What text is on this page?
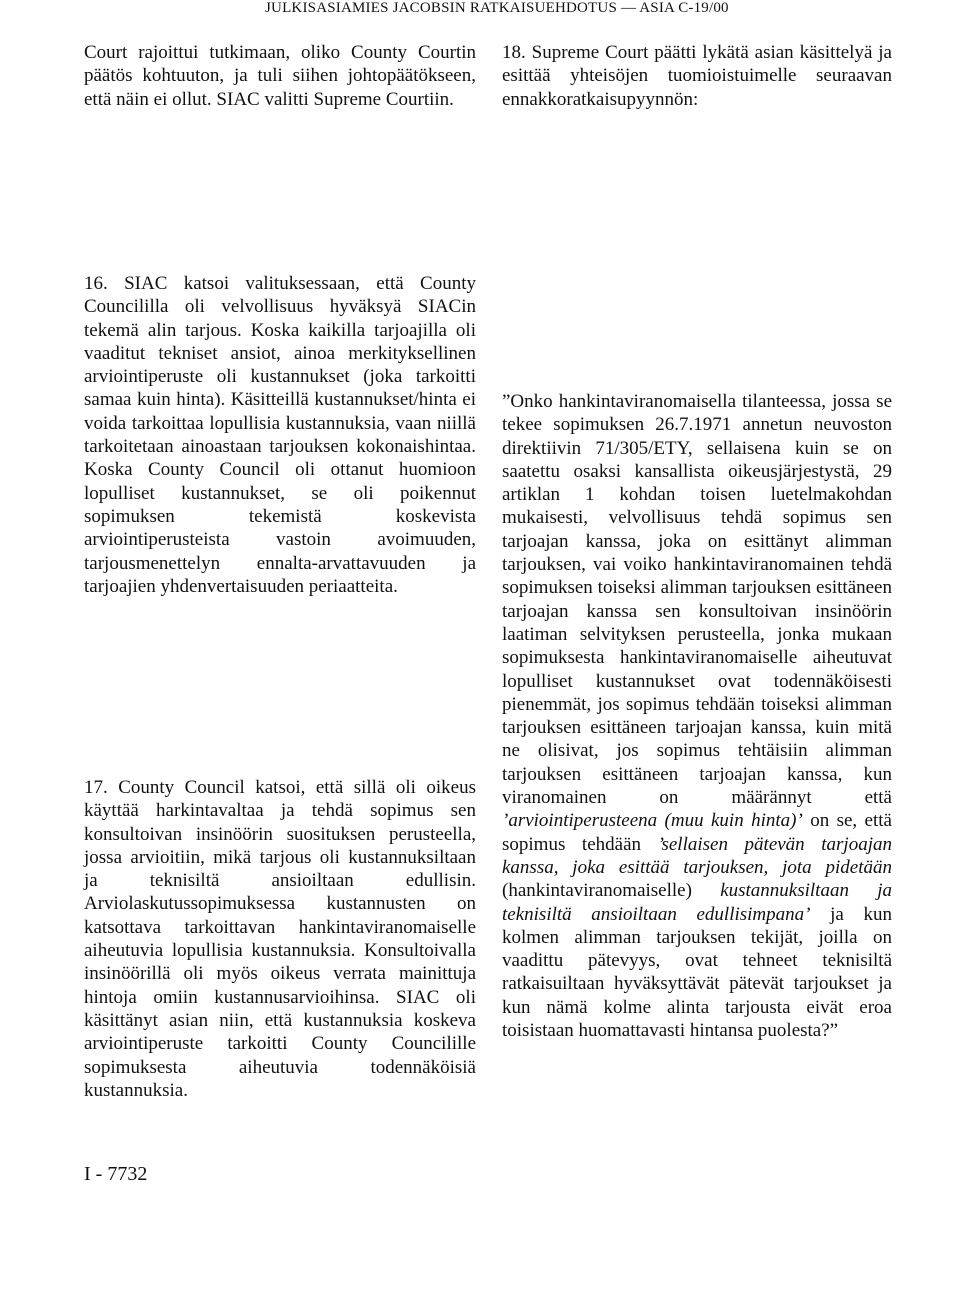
JULKISASIAMIES JACOBSIN RATKAISUEHDOTUS — ASIA C-19/00

Court rajoittui tutkimaan, oliko County Courtin päätös kohtuuton, ja tuli siihen johtopäätökseen, että näin ei ollut. SIAC valitti Supreme Courtiin.

16. SIAC katsoi valituksessaan, että County Councililla oli velvollisuus hyväksyä SIACin tekemä alin tarjous. Koska kaikilla tarjoajilla oli vaaditut tekniset ansiot, ainoa merkityksellinen arviointiperuste oli kustannukset (joka tarkoitti samaa kuin hinta). Käsitteillä kustannukset/hinta ei voida tarkoittaa lopullisia kustannuksia, vaan niillä tarkoitetaan ainoastaan tarjouksen kokonaishintaa. Koska County Council oli ottanut huomioon lopulliset kustannukset, se oli poikennut sopimuksen tekemistä koskevista arviointiperusteista vastoin avoimuuden, tarjousmenettelyn ennalta-arvattavuuden ja tarjoajien yhdenvertaisuuden periaatteita.

17. County Council katsoi, että sillä oli oikeus käyttää harkintavaltaa ja tehdä sopimus sen konsultoivan insinöörin suosituksen perusteella, jossa arvioitiin, mikä tarjous oli kustannuksiltaan ja teknisiltä ansioiltaan edullisin. Arviolaskutussopimuksessa kustannusten on katsottava tarkoittavan hankintaviranomaiselle aiheutuvia lopullisia kustannuksia. Konsultoivalla insinöörillä oli myös oikeus verrata mainittuja hintoja omiin kustannusarvioihinsa. SIAC oli käsittänyt asian niin, että kustannuksia koskeva arviointiperuste tarkoitti County Councilille sopimuksesta aiheutuvia todennäköisiä kustannuksia.

18. Supreme Court päätti lykätä asian käsittelyä ja esittää yhteisöjen tuomioistuimelle seuraavan ennakkoratkaisupyynnön:

”Onko hankintaviranomaisella tilanteessa, jossa se tekee sopimuksen 26.7.1971 annetun neuvoston direktiivin 71/305/ETY, sellaisena kuin se on saatettu osaksi kansallista oikeusjärjestystä, 29 artiklan 1 kohdan toisen luetelmakohdan mukaisesti, velvollisuus tehdä sopimus sen tarjoajan kanssa, joka on esittänyt alimman tarjouksen, vai voiko hankintaviranomainen tehdä sopimuksen toiseksi alimman tarjouksen esittäneen tarjoajan kanssa sen konsultoivan insinöörin laatiman selvityksen perusteella, jonka mukaan sopimuksesta hankintaviranomaiselle aiheutuvat lopulliset kustannukset ovat todennäköisesti pienemmät, jos sopimus tehdään toiseksi alimman tarjouksen esittäneen tarjoajan kanssa, kuin mitä ne olisivat, jos sopimus tehtäisiin alimman tarjouksen esittäneen tarjoajan kanssa, kun viranomainen on määrännyt että ’arviointiperusteena (muu kuin hinta)’ on se, että sopimus tehdään ’sellaisen pätevän tarjoajan kanssa, joka esittää tarjouksen, jota pidetään (hankintaviranomaiselle) kustannuksiltaan ja teknisiltä ansioiltaan edullisimpana’ ja kun kolmen alimman tarjouksen tekijät, joilla on vaadittu pätevyys, ovat tehneet teknisiltä ratkaisuiltaan hyväksyttävät pätevät tarjoukset ja kun nämä kolme alinta tarjousta eivät eroa toisistaan huomattavasti hintansa puolesta?”

I - 7732
